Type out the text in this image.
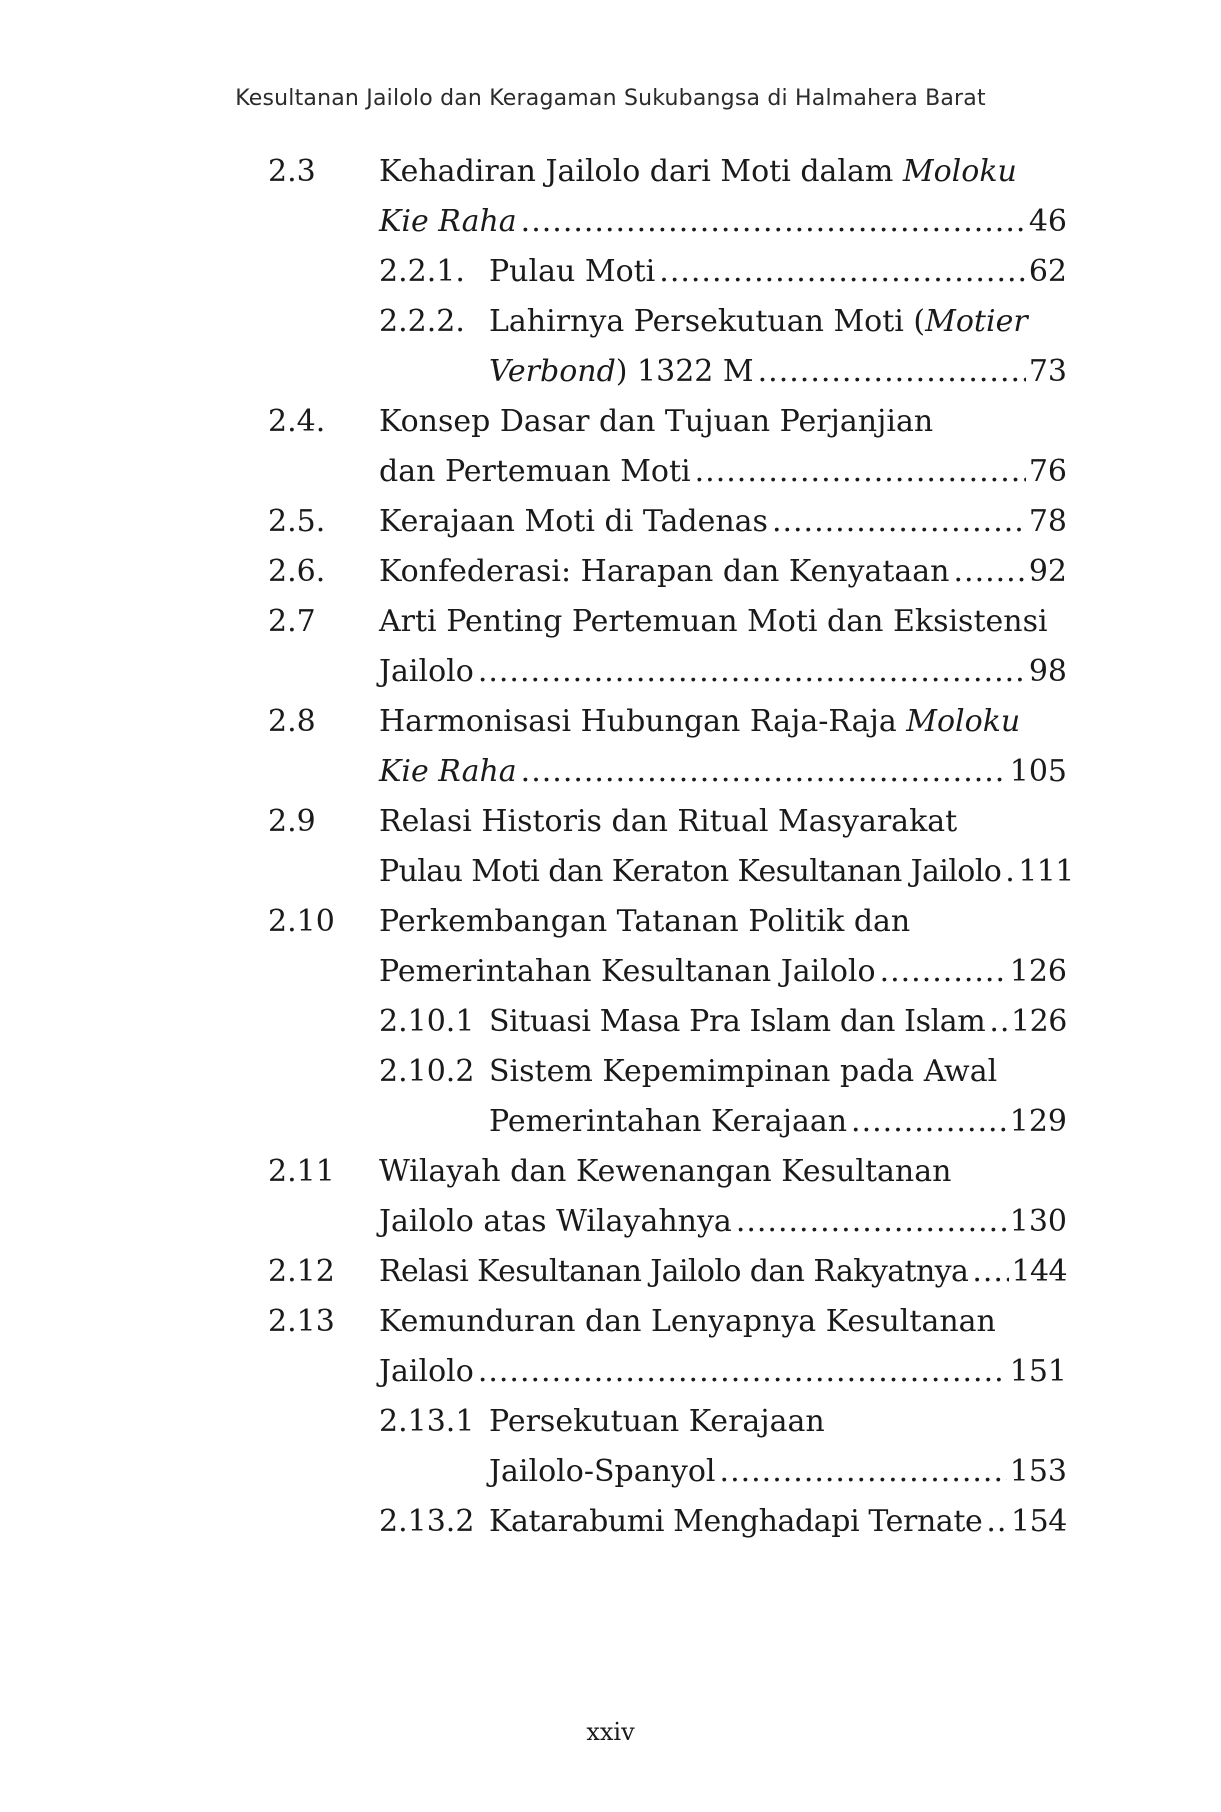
Kesultanan Jailolo dan Keragaman Sukubangsa di Halmahera Barat
2.3 Kehadiran Jailolo dari Moti dalam Moloku
Kie Raha .....	46
2.2.1. Pulau Moti .....	62
2.2.2. Lahirnya Persekutuan Moti (Motier
Verbond) 1322 M .....	73
2.4. Konsep Dasar dan Tujuan Perjanjian
dan Pertemuan Moti .....	76
2.5. Kerajaan Moti di Tadenas .....	78
2.6. Konfederasi: Harapan dan Kenyataan .....	92
2.7 Arti Penting Pertemuan Moti dan Eksistensi
Jailolo .....	98
2.8 Harmonisasi Hubungan Raja-Raja Moloku
Kie Raha .....	105
2.9 Relasi Historis dan Ritual Masyarakat
Pulau Moti dan Keraton Kesultanan Jailolo ..... 111
2.10 Perkembangan Tatanan Politik dan
Pemerintahan Kesultanan Jailolo .....	126
2.10.1 Situasi Masa Pra Islam dan Islam ..... 126
2.10.2 Sistem Kepemimpinan pada Awal
Pemerintahan Kerajaan .....	129
2.11 Wilayah dan Kewenangan Kesultanan
Jailolo atas Wilayahnya .....	130
2.12 Relasi Kesultanan Jailolo dan Rakyatnya ..... 144
2.13 Kemunduran dan Lenyapnya Kesultanan
Jailolo .....	151
2.13.1 Persekutuan Kerajaan
Jailolo-Spanyol .....	153
2.13.2 Katarabumi Menghadapi Ternate ..... 154
xxiv
